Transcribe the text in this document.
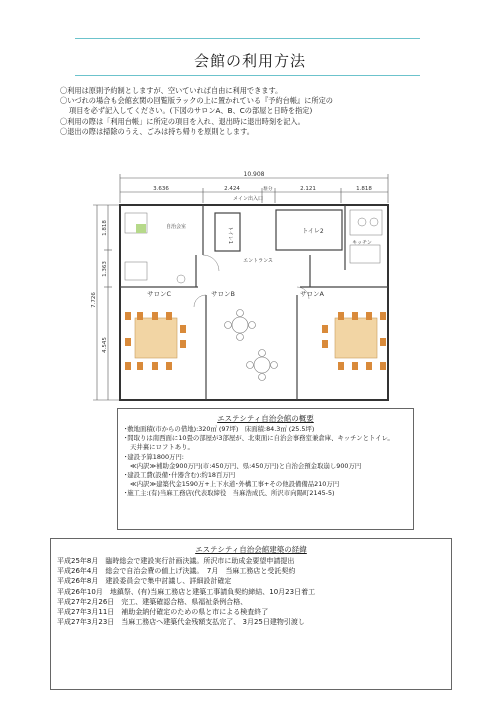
会館の利用方法
〇利用は原則予約制としますが、空いていれば自由に利用できます。
〇いづれの場合も会館玄関の回覧版ラックの上に置かれている『予約台帳』に所定の
項目を必ず記入してください。(下図のサロンA、B、Cの部屋と日時を指定)
〇利用の際は「利用台帳」に所定の項目を入れ、退出時に退出時刻を記入。
〇退出の際は掃除のうえ、ごみは持ち帰りを原則とします。
10.908
3.636	2.424	駐分	2.121	1.818
7.726
1.818
1.363
4.545
メイン出入口
自治会室	トイレ1	トイレ2
キッチン
エントランス
サロンC	サロンB	サロンA
エステシティ自治会館の概要
･敷地面積(市からの借地):320㎡ (97坪)　床面積:84.3㎡ (25.5坪)
･間取りは南西面に10畳の部屋が3部屋が、北東面に自治会事務室兼倉庫、キッチンとトイレ。
天井裏にロフトあり。
･建設予算1800万円:
≪内訳≫補助金900万円(市:450万円、県:450万円)と自治会預金取崩し900万円
･建設工費(設備･什器含む):約18百万円
≪内訳≫建築代金1590万+上下水道･外構工事+その他設備備品210万円
･施工主:(有)当麻工務店(代表取締役　当麻浩成氏、所沢市向陽町2145-5)
エステシティ自治会館建築の経緯
平成25年8月　臨時総会で建設実行計画決議。所沢市に助成金要望申請提出
平成26年4月　総会で自治会費の値上げ決議。　7月　当麻工務店と受託契約
平成26年8月　建設委員会で集中討議し、詳細設計確定
平成26年10月　地鎮祭、(有)当麻工務店と建築工事請負契約締結、10月23日着工
平成27年2月26日　完工、建築確認合格、県福祉条例合格、
平成27年3月11日　補助金納付確定のための県と市による検査終了
平成27年3月23日　当麻工務店へ建築代金残額支払完了、 3月25日建物引渡し
